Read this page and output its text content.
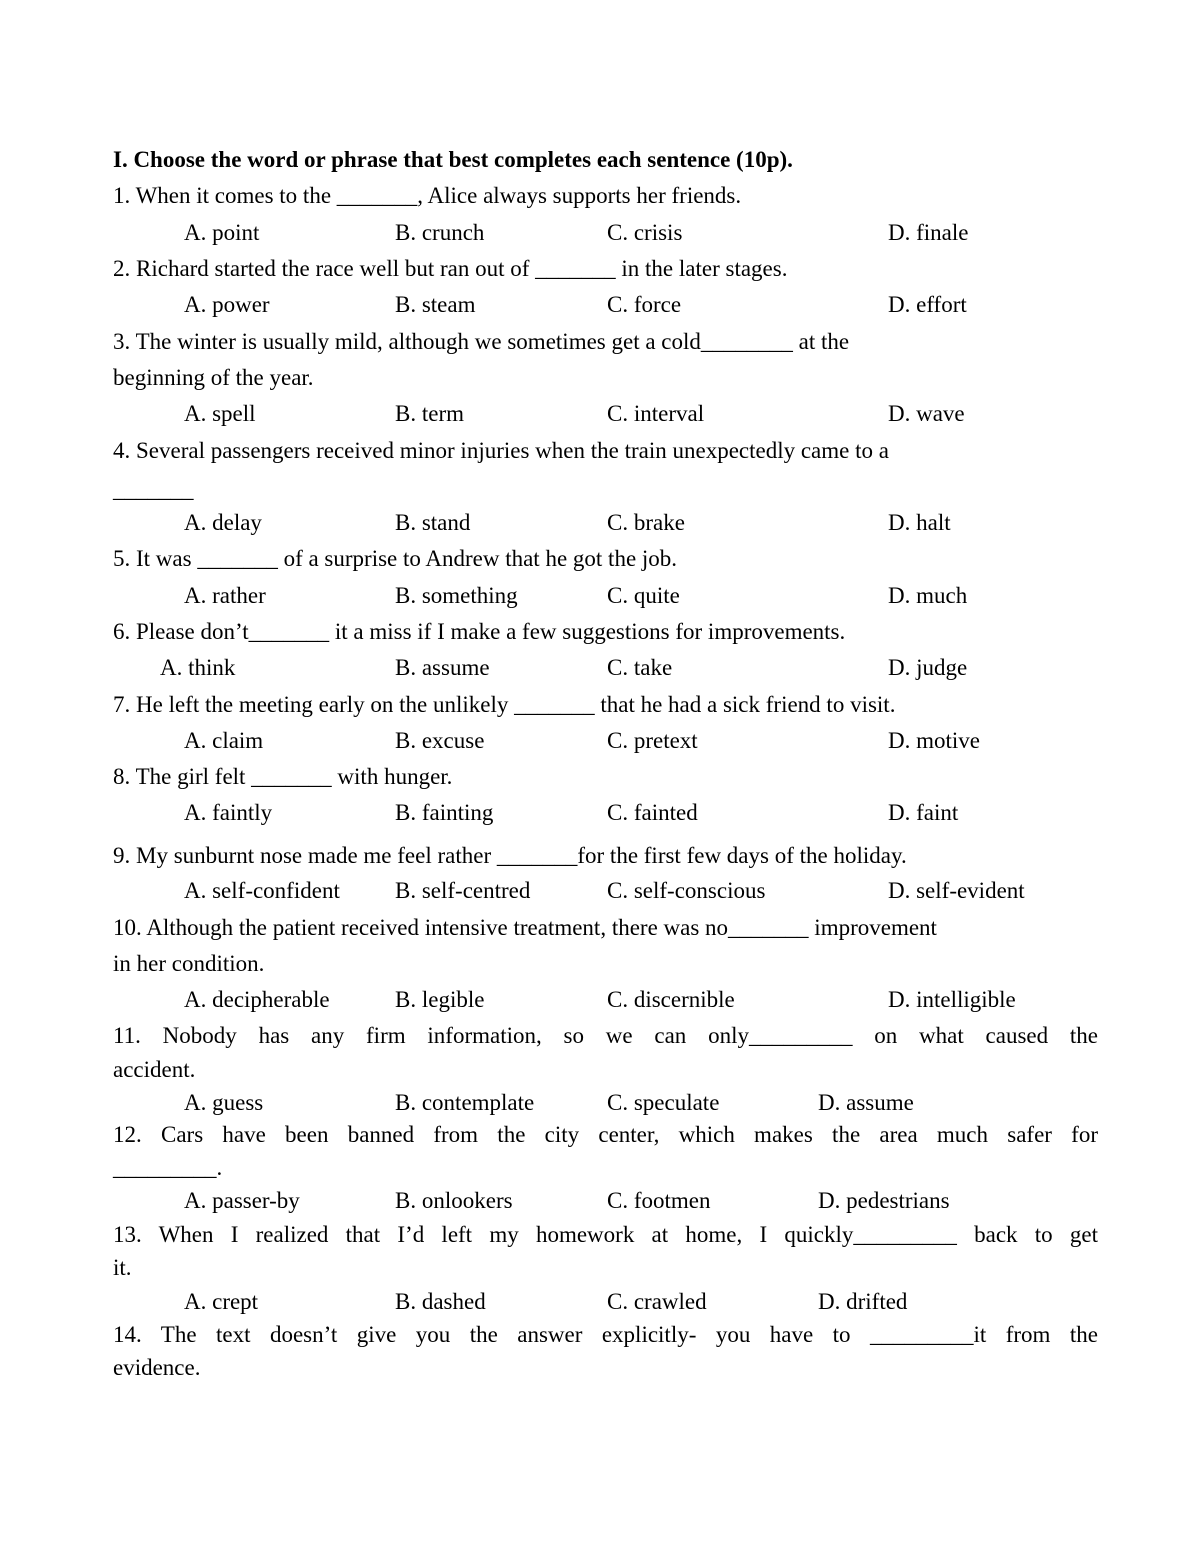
I. Choose the word or phrase that best completes each sentence (10p).
1. When it comes to the _______, Alice always supports her friends.
A. point	B. crunch	C. crisis	D. finale
2. Richard started the race well but ran out of _______ in the later stages.
A. power	B. steam	C. force	D. effort
3. The winter is usually mild, although we sometimes get a cold________ at the
beginning of the year.
A. spell	B. term	C. interval	D. wave
4. Several passengers received minor injuries when the train unexpectedly came to a
_______
A. delay	B. stand	C. brake	D. halt
5. It was _______ of a surprise to Andrew that he got the job.
A. rather	B. something	C. quite	D. much
6. Please don’t_______ it a miss if I make a few suggestions for improvements.
A. think	B. assume	C. take	D. judge
7. He left the meeting early on the unlikely _______ that he had a sick friend to visit.
A. claim	B. excuse	C. pretext	D. motive
8. The girl felt _______ with hunger.
A. faintly	B. fainting	C. fainted	D. faint
9. My sunburnt nose made me feel rather _______for the first few days of the holiday.
A. self-confident B. self-centred	C. self-conscious	D. self-evident
10. Although the patient received intensive treatment, there was no_______ improvement
in her condition.
A. decipherable	B. legible	C. discernible	D. intelligible
11. Nobody has any firm information, so we can only_________ on what caused the
accident.
A. guess	B. contemplate	C. speculate	D. assume
12. Cars have been banned from the city center, which makes the area much safer for
_________.
A. passer-by	B. onlookers	C. footmen	D. pedestrians
13. When I realized that I’d left my homework at home, I quickly_________ back to get
it.
A. crept	B. dashed	C. crawled	D. drifted
14. The text doesn’t give you the answer explicitly- you have to _________it from the
evidence.
